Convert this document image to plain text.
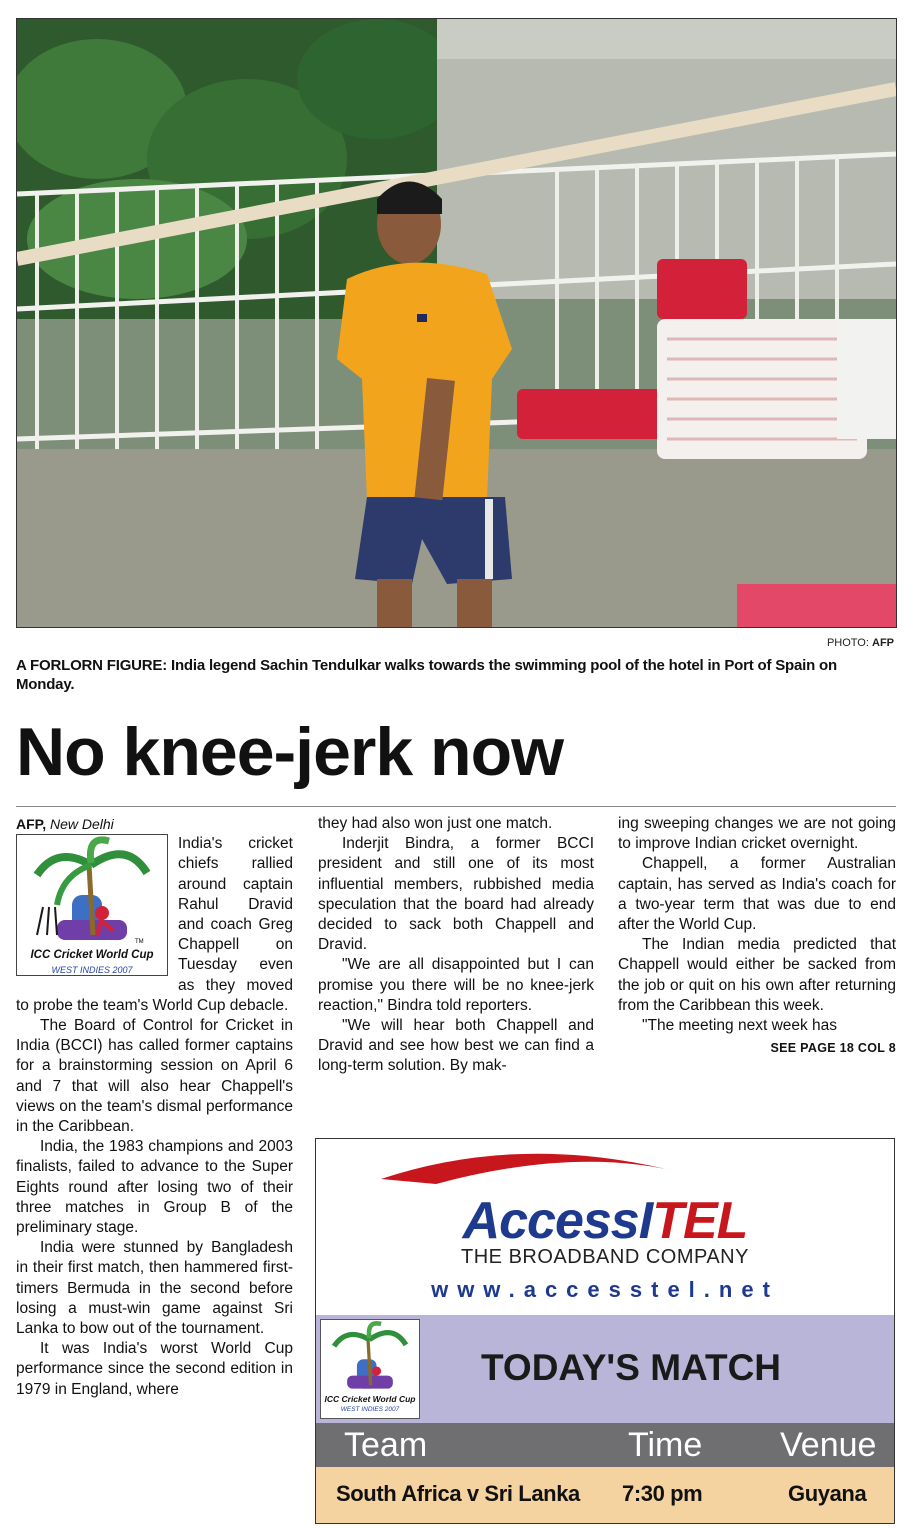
PHOTO: AFP
A FORLORN FIGURE: India legend Sachin Tendulkar walks towards the swimming pool of the hotel in Port of Spain on Monday.
No knee-jerk now

AFP, New Delhi

TM
ICC Cricket World Cup
WEST INDIES 2007

India's cricket chiefs rallied around captain Rahul Dravid and coach Greg Chappell on Tuesday even as they moved to probe the team's World Cup debacle.

The Board of Control for Cricket in India (BCCI) has called former captains for a brainstorming session on April 6 and 7 that will also hear Chappell's views on the team's dismal performance in the Caribbean.

India, the 1983 champions and 2003 finalists, failed to advance to the Super Eights round after losing two of their three matches in Group B of the preliminary stage.

India were stunned by Bangladesh in their first match, then hammered first-timers Bermuda in the second before losing a must-win game against Sri Lanka to bow out of the tournament.

It was India's worst World Cup performance since the second edition in 1979 in England, where

they had also won just one match.

Inderjit Bindra, a former BCCI president and still one of its most influential members, rubbished media speculation that the board had already decided to sack both Chappell and Dravid.

"We are all disappointed but I can promise you there will be no knee-jerk reaction," Bindra told reporters.

"We will hear both Chappell and Dravid and see how best we can find a long-term solution. By mak-

ing sweeping changes we are not going to improve Indian cricket overnight.

Chappell, a former Australian captain, has served as India's coach for a two-year term that was due to end after the World Cup.

The Indian media predicted that Chappell would either be sacked from the job or quit on his own after returning from the Caribbean this week.

"The meeting next week has

SEE PAGE 18 COL 8
AccessITEL
THE BROADBAND COMPANY
www.accesstel.net
ICC Cricket World Cup
WEST INDIES 2007
TODAY'S MATCH
Team	Time Venue
South Africa v Sri Lanka 7:30 pm	Guyana
